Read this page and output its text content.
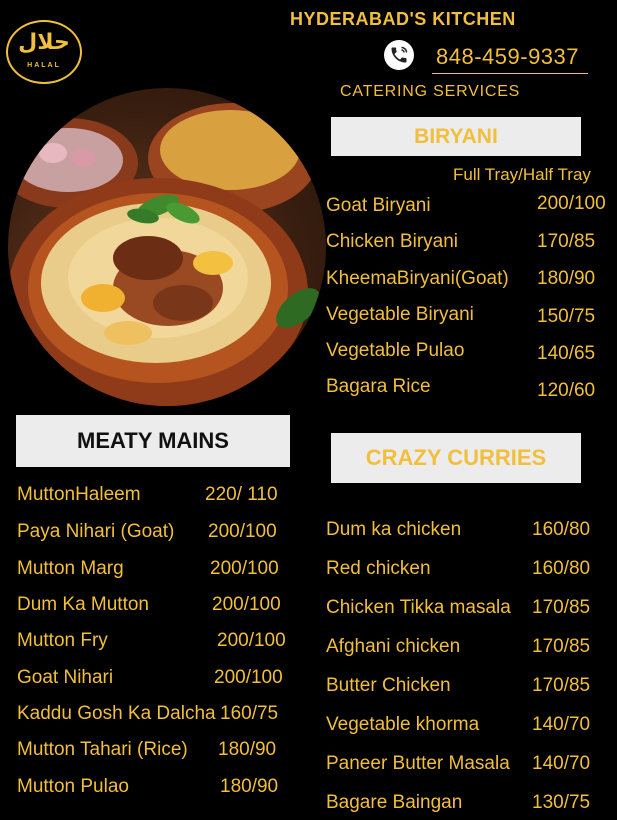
حلال
HALAL
HYDERABAD'S KITCHEN
848-459-9337
CATERING SERVICES
BIRYANI
Full Tray/Half Tray
Goat Biryani	200/100
Chicken Biryani	170/85
KheemaBiryani(Goat) 180/90
Vegetable Biryani	150/75
Vegetable Pulao	140/65
Bagara Rice	120/60
MEATY MAINS
MuttonHaleem	220/ 110
Paya Nihari (Goat) 200/100
Mutton Marg	200/100
Dum Ka Mutton	200/100
Mutton Fry	200/100
Goat Nihari	200/100
Kaddu Gosh Ka Dalcha 160/75
Mutton Tahari (Rice) 180/90
Mutton Pulao	180/90
CRAZY CURRIES
Dum ka chicken	160/80
Red chicken	160/80
Chicken Tikka masala 170/85
Afghani chicken	170/85
Butter Chicken	170/85
Vegetable khorma	140/70
Paneer Butter Masala 140/70
Bagare Baingan	130/75
